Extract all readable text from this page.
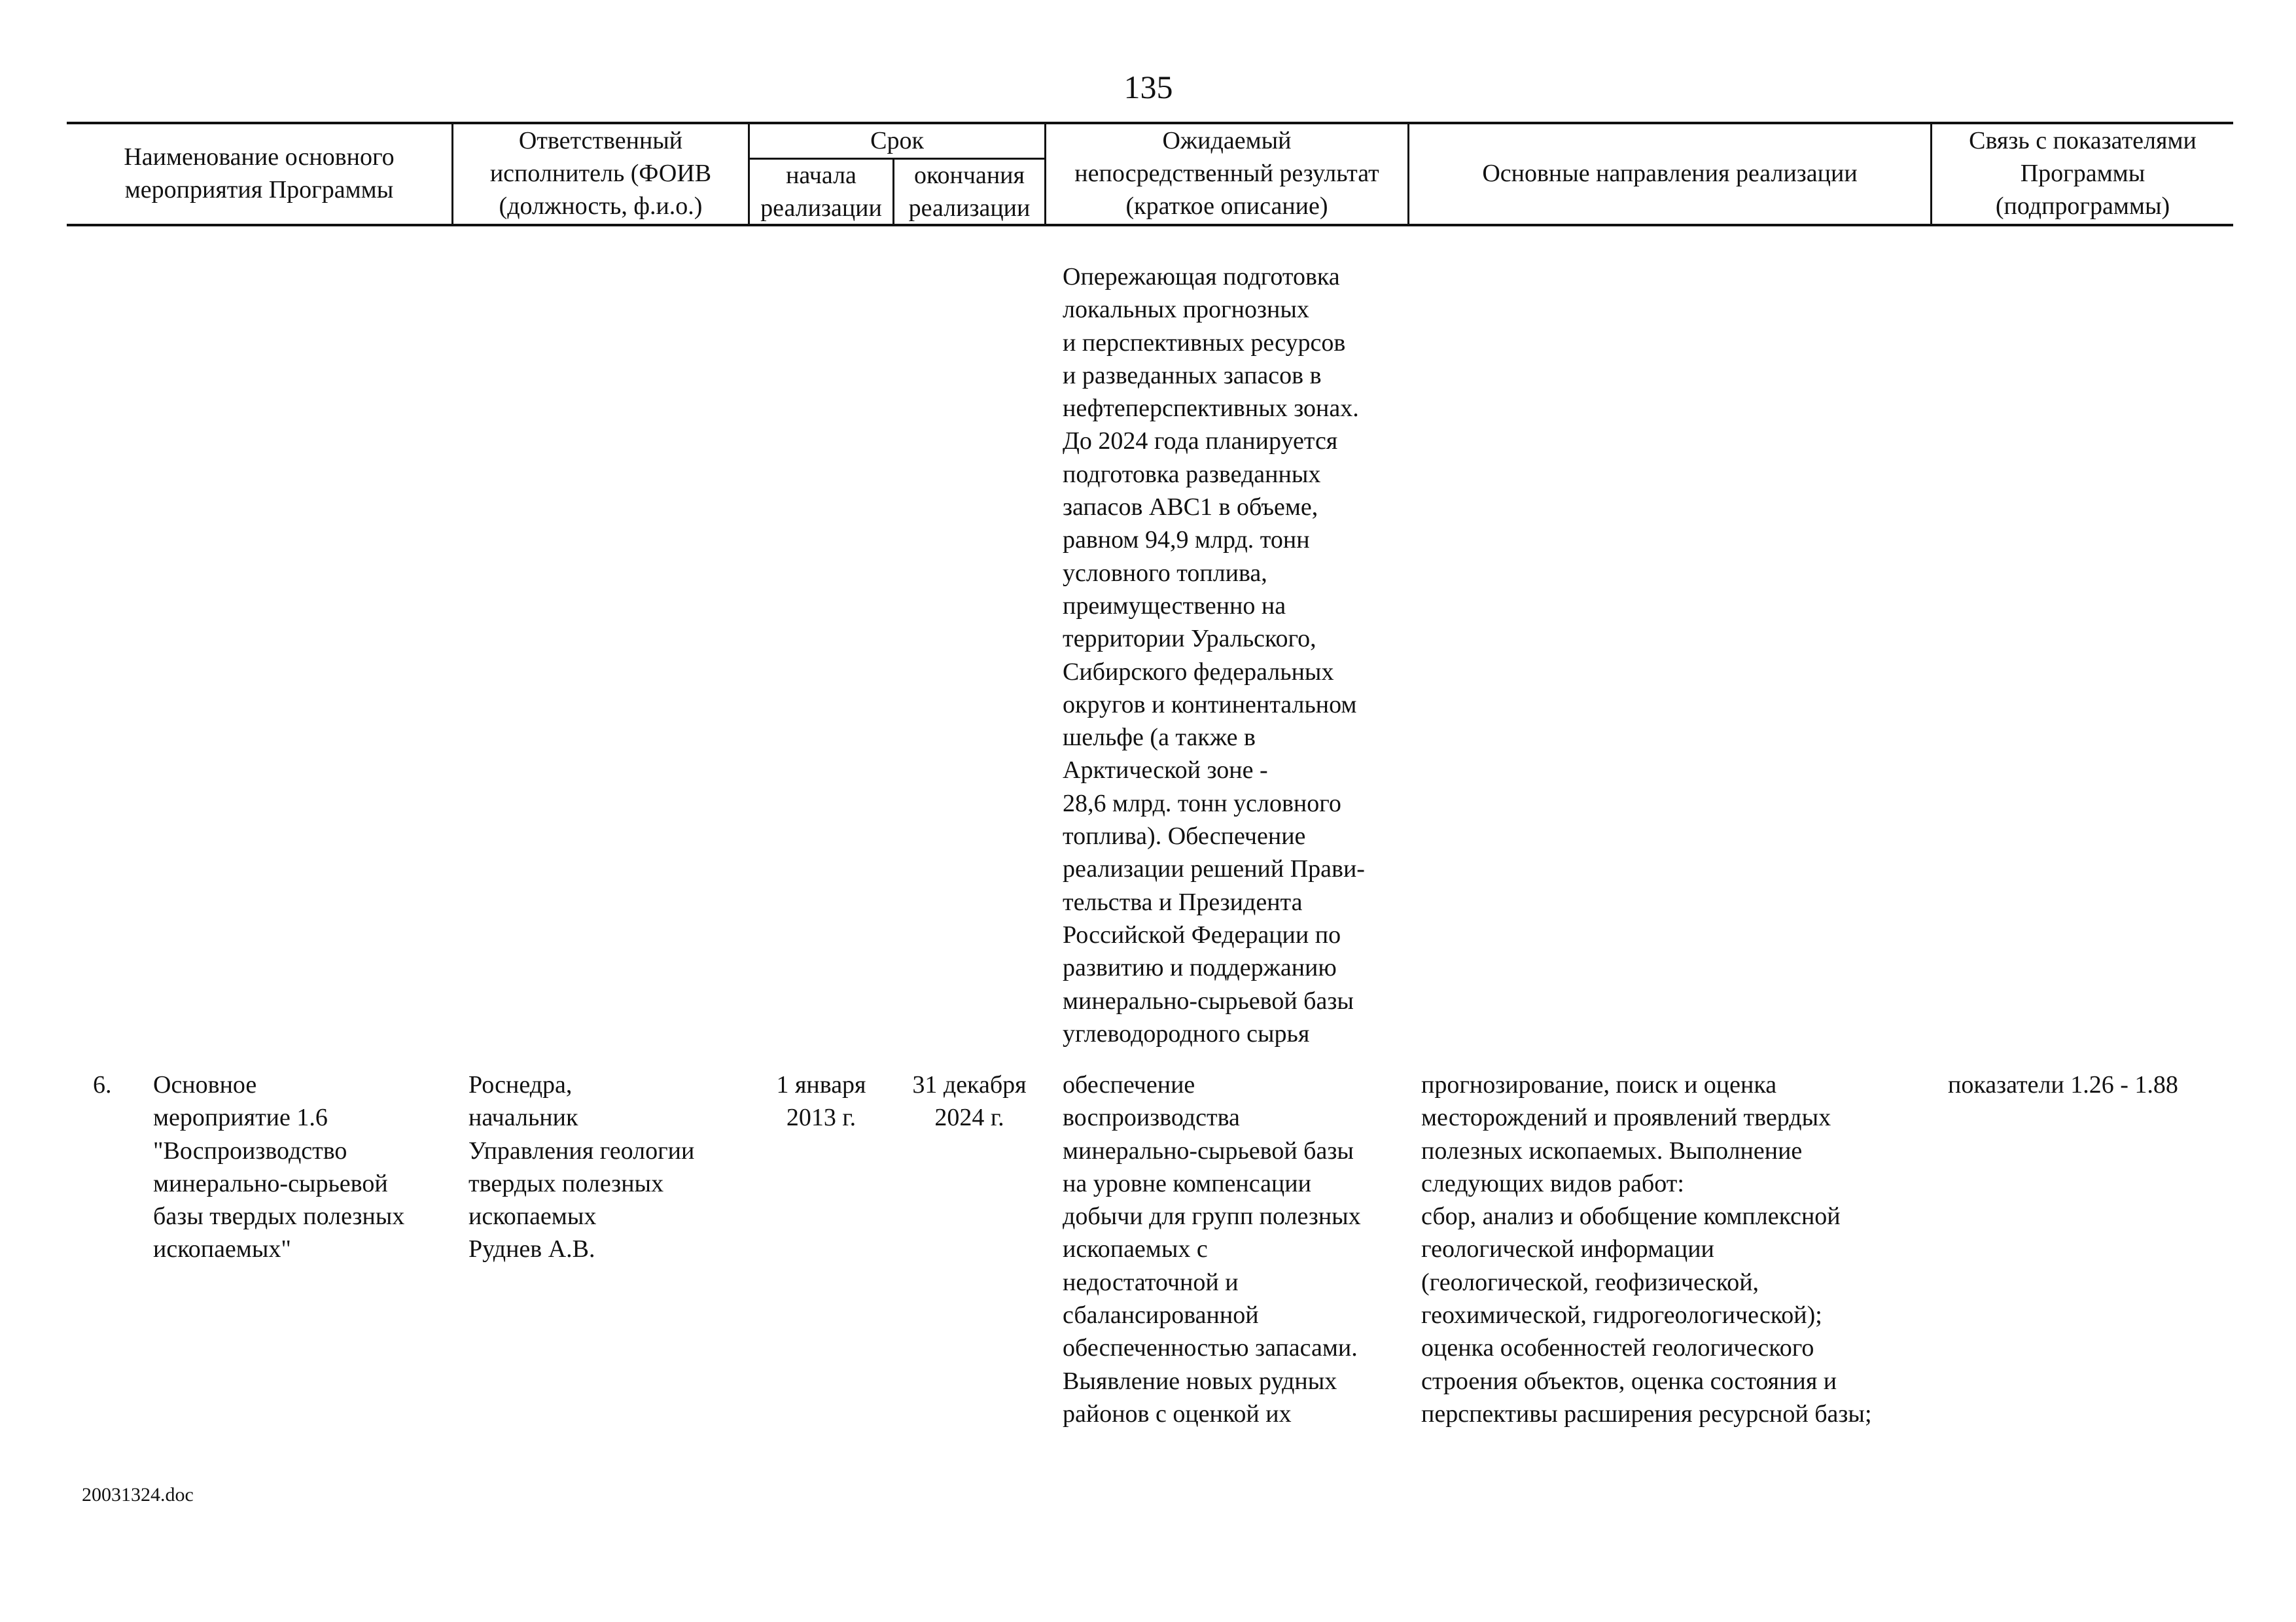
135
Наименование основного
мероприятия Программы
Ответственный
исполнитель (ФОИВ
(должность, ф.и.о.)
Срок
начала
реализации
окончания
реализации
Ожидаемый
непосредственный результат
(краткое описание)
Основные направления реализации
Связь с показателями
Программы
(подпрограммы)
Опережающая подготовка
локальных прогнозных
и перспективных ресурсов
и разведанных запасов в
нефтеперспективных зонах.
До 2024 года планируется
подготовка разведанных
запасов ABC1 в объеме,
равном 94,9 млрд. тонн
условного топлива,
преимущественно на
территории Уральского,
Сибирского федеральных
округов и континентальном
шельфе (а также в
Арктической зоне -
28,6 млрд. тонн условного
топлива). Обеспечение
реализации решений Прави-
тельства и Президента
Российской Федерации по
развитию и поддержанию
минерально-сырьевой базы
углеводородного сырья
6.	Основное
мероприятие 1.6
"Воспроизводство
минерально-сырьевой
базы твердых полезных
ископаемых"
Роснедра,
начальник
Управления геологии
твердых полезных
ископаемых
Руднев А.В.
1 января
2013 г.
31 декабря
2024 г.
обеспечение
воспроизводства
минерально-сырьевой базы
на уровне компенсации
добычи для групп полезных
ископаемых с
недостаточной и
сбалансированной
обеспеченностью запасами.
Выявление новых рудных
районов с оценкой их
прогнозирование, поиск и оценка
месторождений и проявлений твердых
полезных ископаемых. Выполнение
следующих видов работ:
сбор, анализ и обобщение комплексной
геологической информации
(геологической, геофизической,
геохимической, гидрогеологической);
оценка особенностей геологического
строения объектов, оценка состояния и
перспективы расширения ресурсной базы;
показатели 1.26 - 1.88
20031324.doc
